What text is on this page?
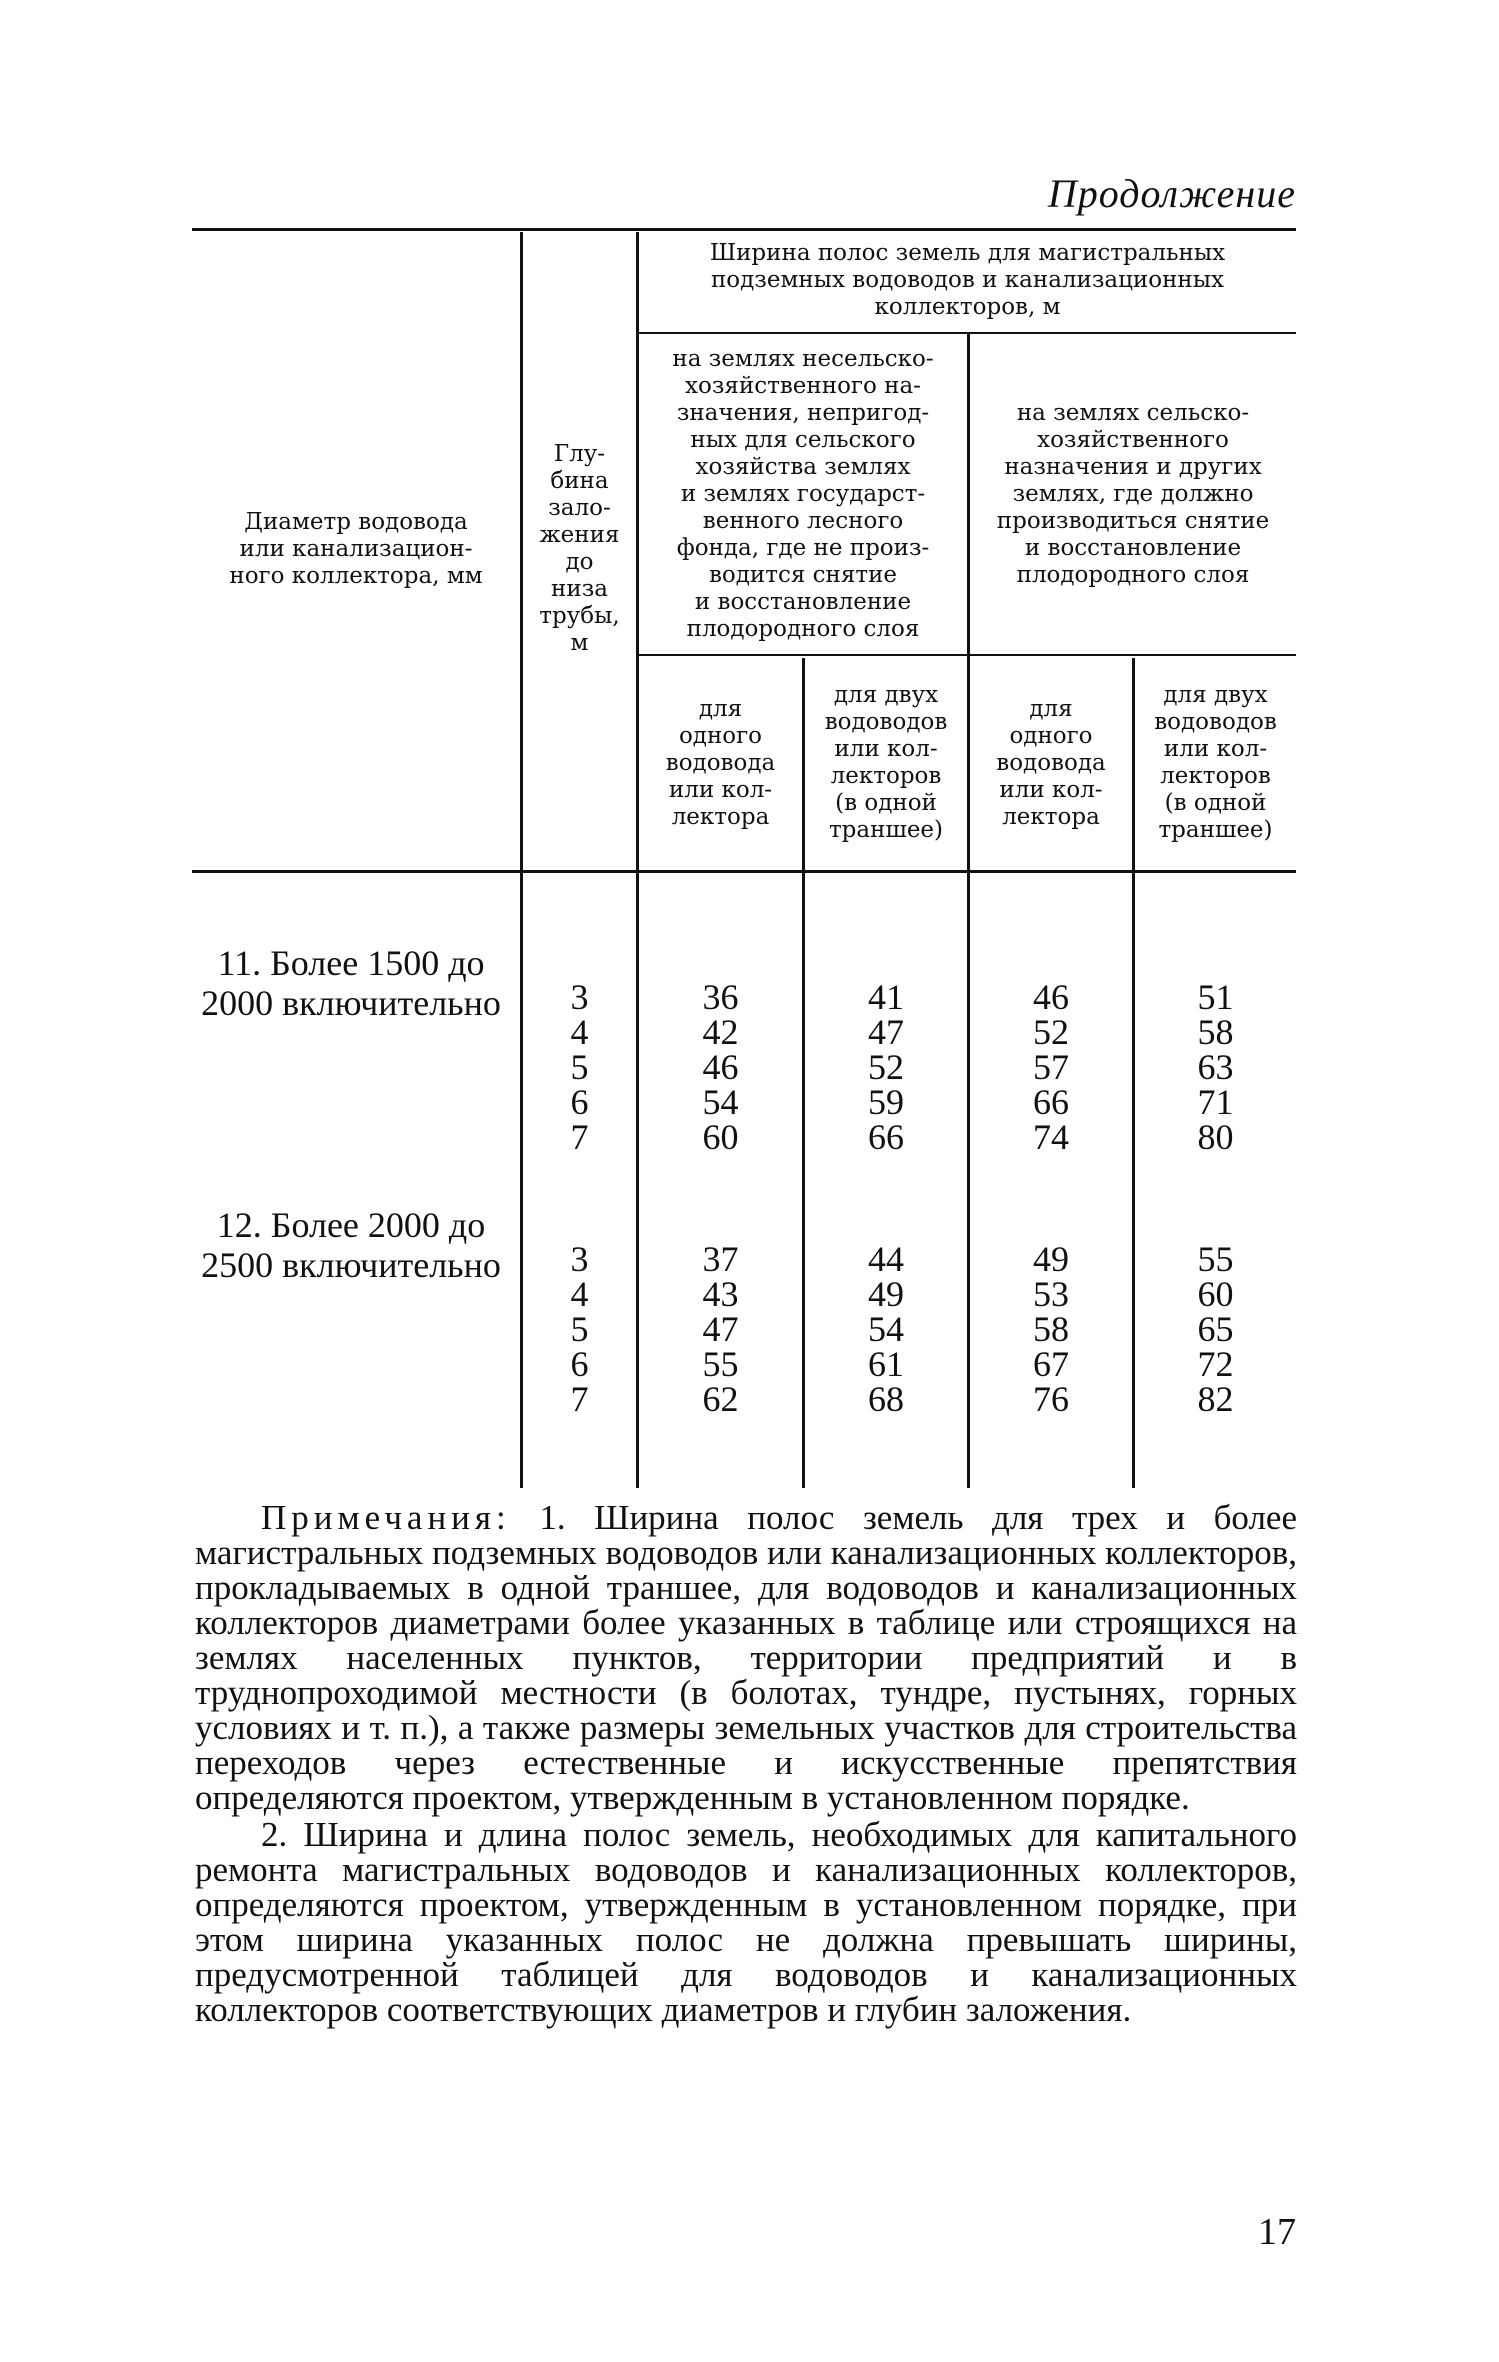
Продолжение
Диаметр водовода
или канализацион-
ного коллектора, мм
Глу-
бина
зало-
жения
до
низа
трубы,
м
Ширина полос земель для магистральных
подземных водоводов и канализационных
коллекторов, м
на землях несельско-
хозяйственного на-
значения, непригод-
ных для сельского
хозяйства землях
и землях государст-
венного лесного
фонда, где не произ-
водится снятие
и восстановление
плодородного слоя
на землях сельско-
хозяйственного
назначения и других
землях, где должно
производиться снятие
и восстановление
плодородного слоя
для
одного
водовода
или кол-
лектора
для двух
водоводов
или кол-
лекторов
(в одной
траншее)
для
одного
водовода
или кол-
лектора
для двух
водоводов
или кол-
лекторов
(в одной
траншее)
11. Более 1500 до
2000 включительно	3
4
5
6
7
36
42
46
54
60
41
47
52
59
66
46
52
57
66
74
51
58
63
71
80
12. Более 2000 до
2500 включительно	3
4
5
6
7
37
43
47
55
62
44
49
54
61
68
49
53
58
67
76
55
60
65
72
82

Примечания: 1. Ширина полос земель для трех и более магистральных подземных водоводов или канализационных коллекторов, прокладываемых в одной траншее, для водоводов и канализационных коллекторов диаметрами более указанных в таблице или строящихся на землях населенных пунктов, территории предприятий и в труднопроходимой местности (в болотах, тундре, пустынях, горных условиях и т. п.), а также размеры земельных участков для строительства переходов через естественные и искусственные препятствия определяются проектом, утвержденным в установленном порядке.

2. Ширина и длина полос земель, необходимых для капитального ремонта магистральных водоводов и канализационных коллекторов, определяются проектом, утвержденным в установленном порядке, при этом ширина указанных полос не должна превышать ширины, предусмотренной таблицей для водоводов и канализационных коллекторов соответствующих диаметров и глубин заложения.

17
